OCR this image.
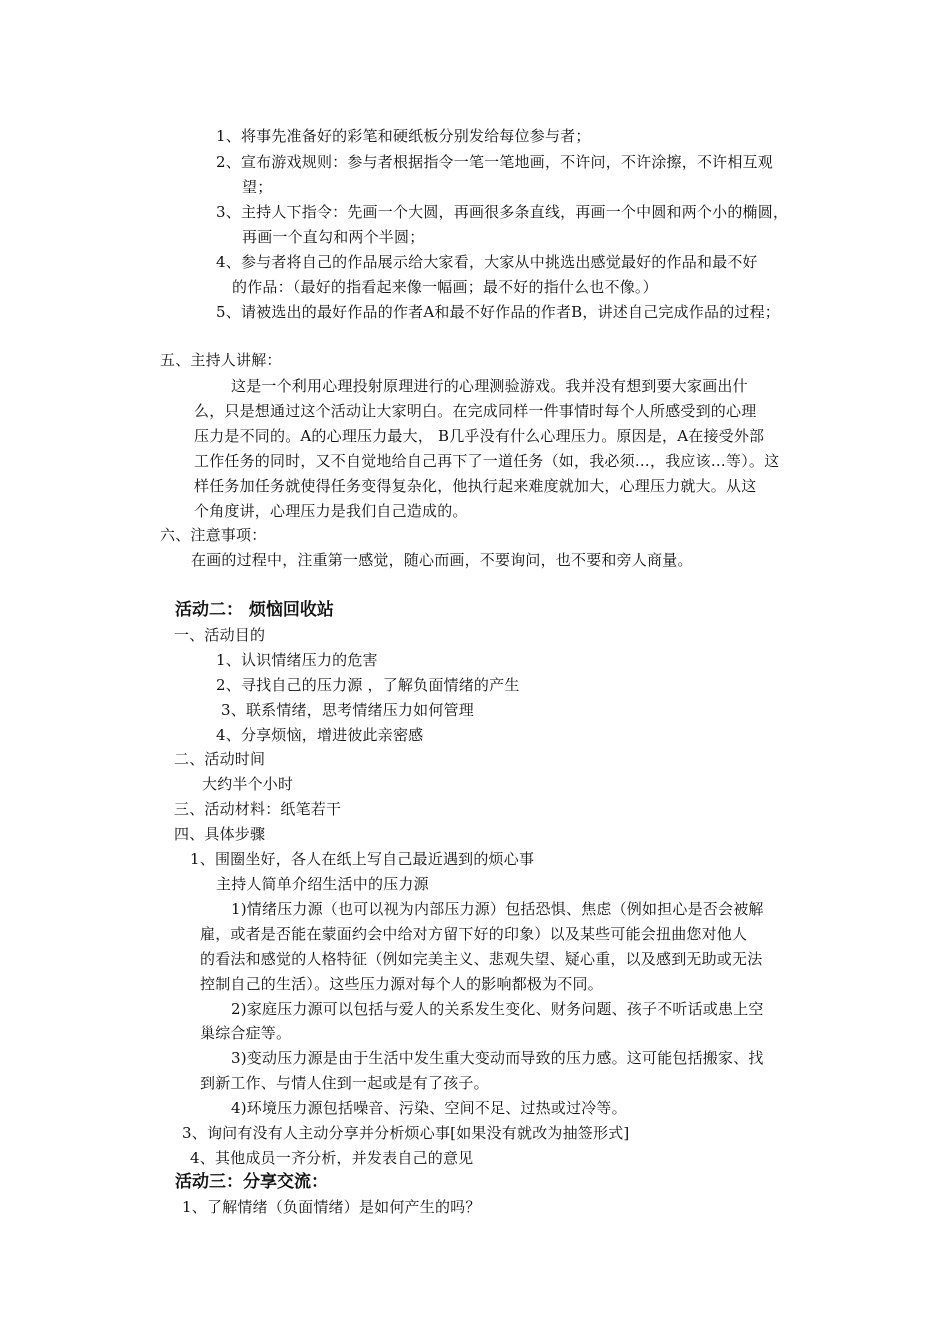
1、将事先准备好的彩笔和硬纸板分别发给每位参与者；
2、宣布游戏规则：参与者根据指令一笔一笔地画，不许问，不许涂擦，不许相互观
望；
3、主持人下指令：先画一个大圆，再画很多条直线，再画一个中圆和两个小的椭圆，
再画一个直勾和两个半圆；
4、参与者将自己的作品展示给大家看，大家从中挑选出感觉最好的作品和最不好
的作品：（最好的指看起来像一幅画；最不好的指什么也不像。）
5、请被选出的最好作品的作者A和最不好作品的作者B，讲述自己完成作品的过程；
五、主持人讲解：
这是一个利用心理投射原理进行的心理测验游戏。我并没有想到要大家画出什
么，只是想通过这个活动让大家明白。在完成同样一件事情时每个人所感受到的心理
压力是不同的。A的心理压力最大， B几乎没有什么心理压力。原因是，A在接受外部
工作任务的同时，又不自觉地给自己再下了一道任务（如，我必须…，我应该…等）。这
样任务加任务就使得任务变得复杂化，他执行起来难度就加大，心理压力就大。从这
个角度讲，心理压力是我们自己造成的。
六、注意事项：
在画的过程中，注重第一感觉，随心而画，不要询问，也不要和旁人商量。
活动二： 烦恼回收站
一、活动目的
1、认识情绪压力的危害
2、寻找自己的压力源 ，了解负面情绪的产生
3、联系情绪，思考情绪压力如何管理
4、分享烦恼，增进彼此亲密感
二、活动时间
大约半个小时
三、活动材料：纸笔若干
四、具体步骤
1、围圈坐好，各人在纸上写自己最近遇到的烦心事
主持人简单介绍生活中的压力源
1)情绪压力源（也可以视为内部压力源）包括恐惧、焦虑（例如担心是否会被解
雇，或者是否能在蒙面约会中给对方留下好的印象）以及某些可能会扭曲您对他人
的看法和感觉的人格特征（例如完美主义、悲观失望、疑心重，以及感到无助或无法
控制自己的生活）。这些压力源对每个人的影响都极为不同。
2)家庭压力源可以包括与爱人的关系发生变化、财务问题、孩子不听话或患上空
巢综合症等。
3)变动压力源是由于生活中发生重大变动而导致的压力感。这可能包括搬家、找
到新工作、与情人住到一起或是有了孩子。
4)环境压力源包括噪音、污染、空间不足、过热或过冷等。
3、询问有没有人主动分享并分析烦心事[如果没有就改为抽签形式]
4、其他成员一齐分析，并发表自己的意见
活动三：分享交流：
1、了解情绪（负面情绪）是如何产生的吗？
